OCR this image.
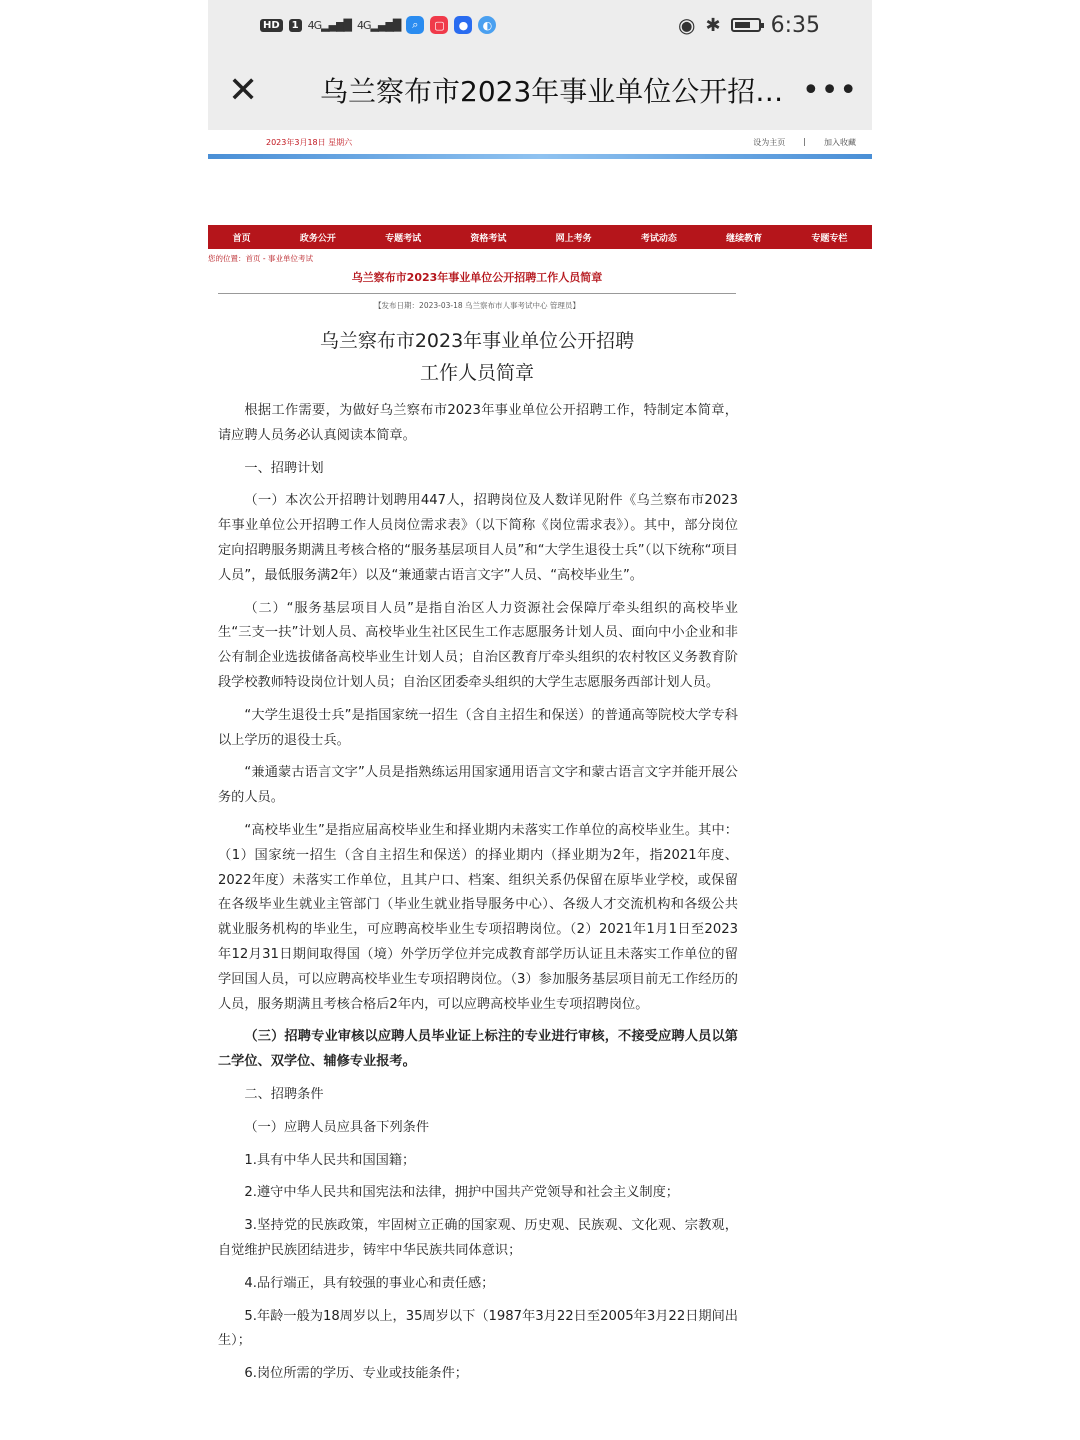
HD	1 4G▂▄▆█ 4G▂▄▆█	⌕	▢	●	◐	◉ ✱ 6:35
✕	乌兰察布市2023年事业单位公开招… •••
2023年3月18日 星期六	设为主页 | 加入收藏
首页	政务公开	专题考试	资格考试	网上考务	考试动态	继续教育	专题专栏
您的位置：首页 - 事业单位考试
乌兰察布市2023年事业单位公开招聘工作人员简章
【发布日期：2023-03-18 乌兰察布市人事考试中心 管理员】
乌兰察布市2023年事业单位公开招聘
工作人员简章

根据工作需要，为做好乌兰察布市2023年事业单位公开招聘工作，特制定本简章，请应聘人员务必认真阅读本简章。

一、招聘计划

（一）本次公开招聘计划聘用447人，招聘岗位及人数详见附件《乌兰察布市2023年事业单位公开招聘工作人员岗位需求表》（以下简称《岗位需求表》）。其中，部分岗位定向招聘服务期满且考核合格的“服务基层项目人员”和“大学生退役士兵”（以下统称“项目人员”，最低服务满2年）以及“兼通蒙古语言文字”人员、“高校毕业生”。

（二）“服务基层项目人员”是指自治区人力资源社会保障厅牵头组织的高校毕业生“三支一扶”计划人员、高校毕业生社区民生工作志愿服务计划人员、面向中小企业和非公有制企业选拔储备高校毕业生计划人员；自治区教育厅牵头组织的农村牧区义务教育阶段学校教师特设岗位计划人员；自治区团委牵头组织的大学生志愿服务西部计划人员。

“大学生退役士兵”是指国家统一招生（含自主招生和保送）的普通高等院校大学专科以上学历的退役士兵。

“兼通蒙古语言文字”人员是指熟练运用国家通用语言文字和蒙古语言文字并能开展公务的人员。

“高校毕业生”是指应届高校毕业生和择业期内未落实工作单位的高校毕业生。其中：（1）国家统一招生（含自主招生和保送）的择业期内（择业期为2年，指2021年度、2022年度）未落实工作单位，且其户口、档案、组织关系仍保留在原毕业学校，或保留在各级毕业生就业主管部门（毕业生就业指导服务中心）、各级人才交流机构和各级公共就业服务机构的毕业生，可应聘高校毕业生专项招聘岗位。（2）2021年1月1日至2023年12月31日期间取得国（境）外学历学位并完成教育部学历认证且未落实工作单位的留学回国人员，可以应聘高校毕业生专项招聘岗位。（3）参加服务基层项目前无工作经历的人员，服务期满且考核合格后2年内，可以应聘高校毕业生专项招聘岗位。

（三）招聘专业审核以应聘人员毕业证上标注的专业进行审核，不接受应聘人员以第二学位、双学位、辅修专业报考。

二、招聘条件

（一）应聘人员应具备下列条件

1.具有中华人民共和国国籍；

2.遵守中华人民共和国宪法和法律，拥护中国共产党领导和社会主义制度；

3.坚持党的民族政策，牢固树立正确的国家观、历史观、民族观、文化观、宗教观，自觉维护民族团结进步，铸牢中华民族共同体意识；

4.品行端正，具有较强的事业心和责任感；

5.年龄一般为18周岁以上，35周岁以下（1987年3月22日至2005年3月22日期间出生）；

6.岗位所需的学历、专业或技能条件；
